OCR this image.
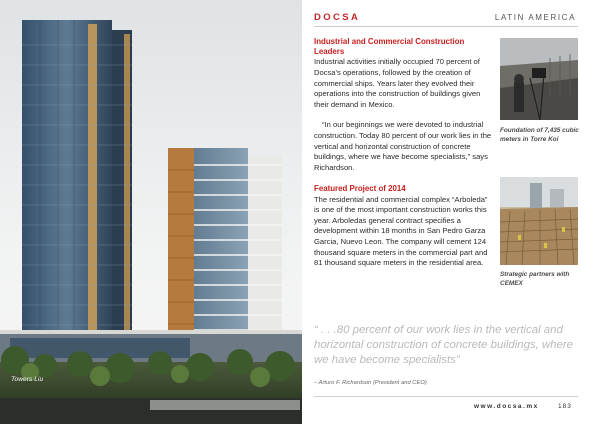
Towers Liu
DOCSA	LATIN AMERICA
Industrial and Commercial Construction Leaders

Industrial activities initially occupied 70 percent of Docsa's operations, followed by the creation of commercial ships. Years later they evolved their operations into the construction of buildings given their demand in Mexico.

“In our beginnings we were devoted to industrial construction. Today 80 percent of our work lies in the vertical and horizontal construction of concrete buildings, where we have become specialists,” says Richardson.

Featured Project of 2014

The residential and commercial complex “Arboleda” is one of the most important construction works this year. Arboledas general contract specifies a development within 18 months in San Pedro Garza Garcia, Nuevo Leon. The company will cement 124 thousand square meters in the commercial part and 81 thousand square meters in the residential area.

Foundation of 7,435 cubic meters in Torre Koi
Strategic partners with CEMEX

“ . . .80 percent of our work lies in the vertical and horizontal construction of concrete buildings, where we have become specialists”

– Arturo F. Richardson (President and CEO)
www.docsa.mx	183
